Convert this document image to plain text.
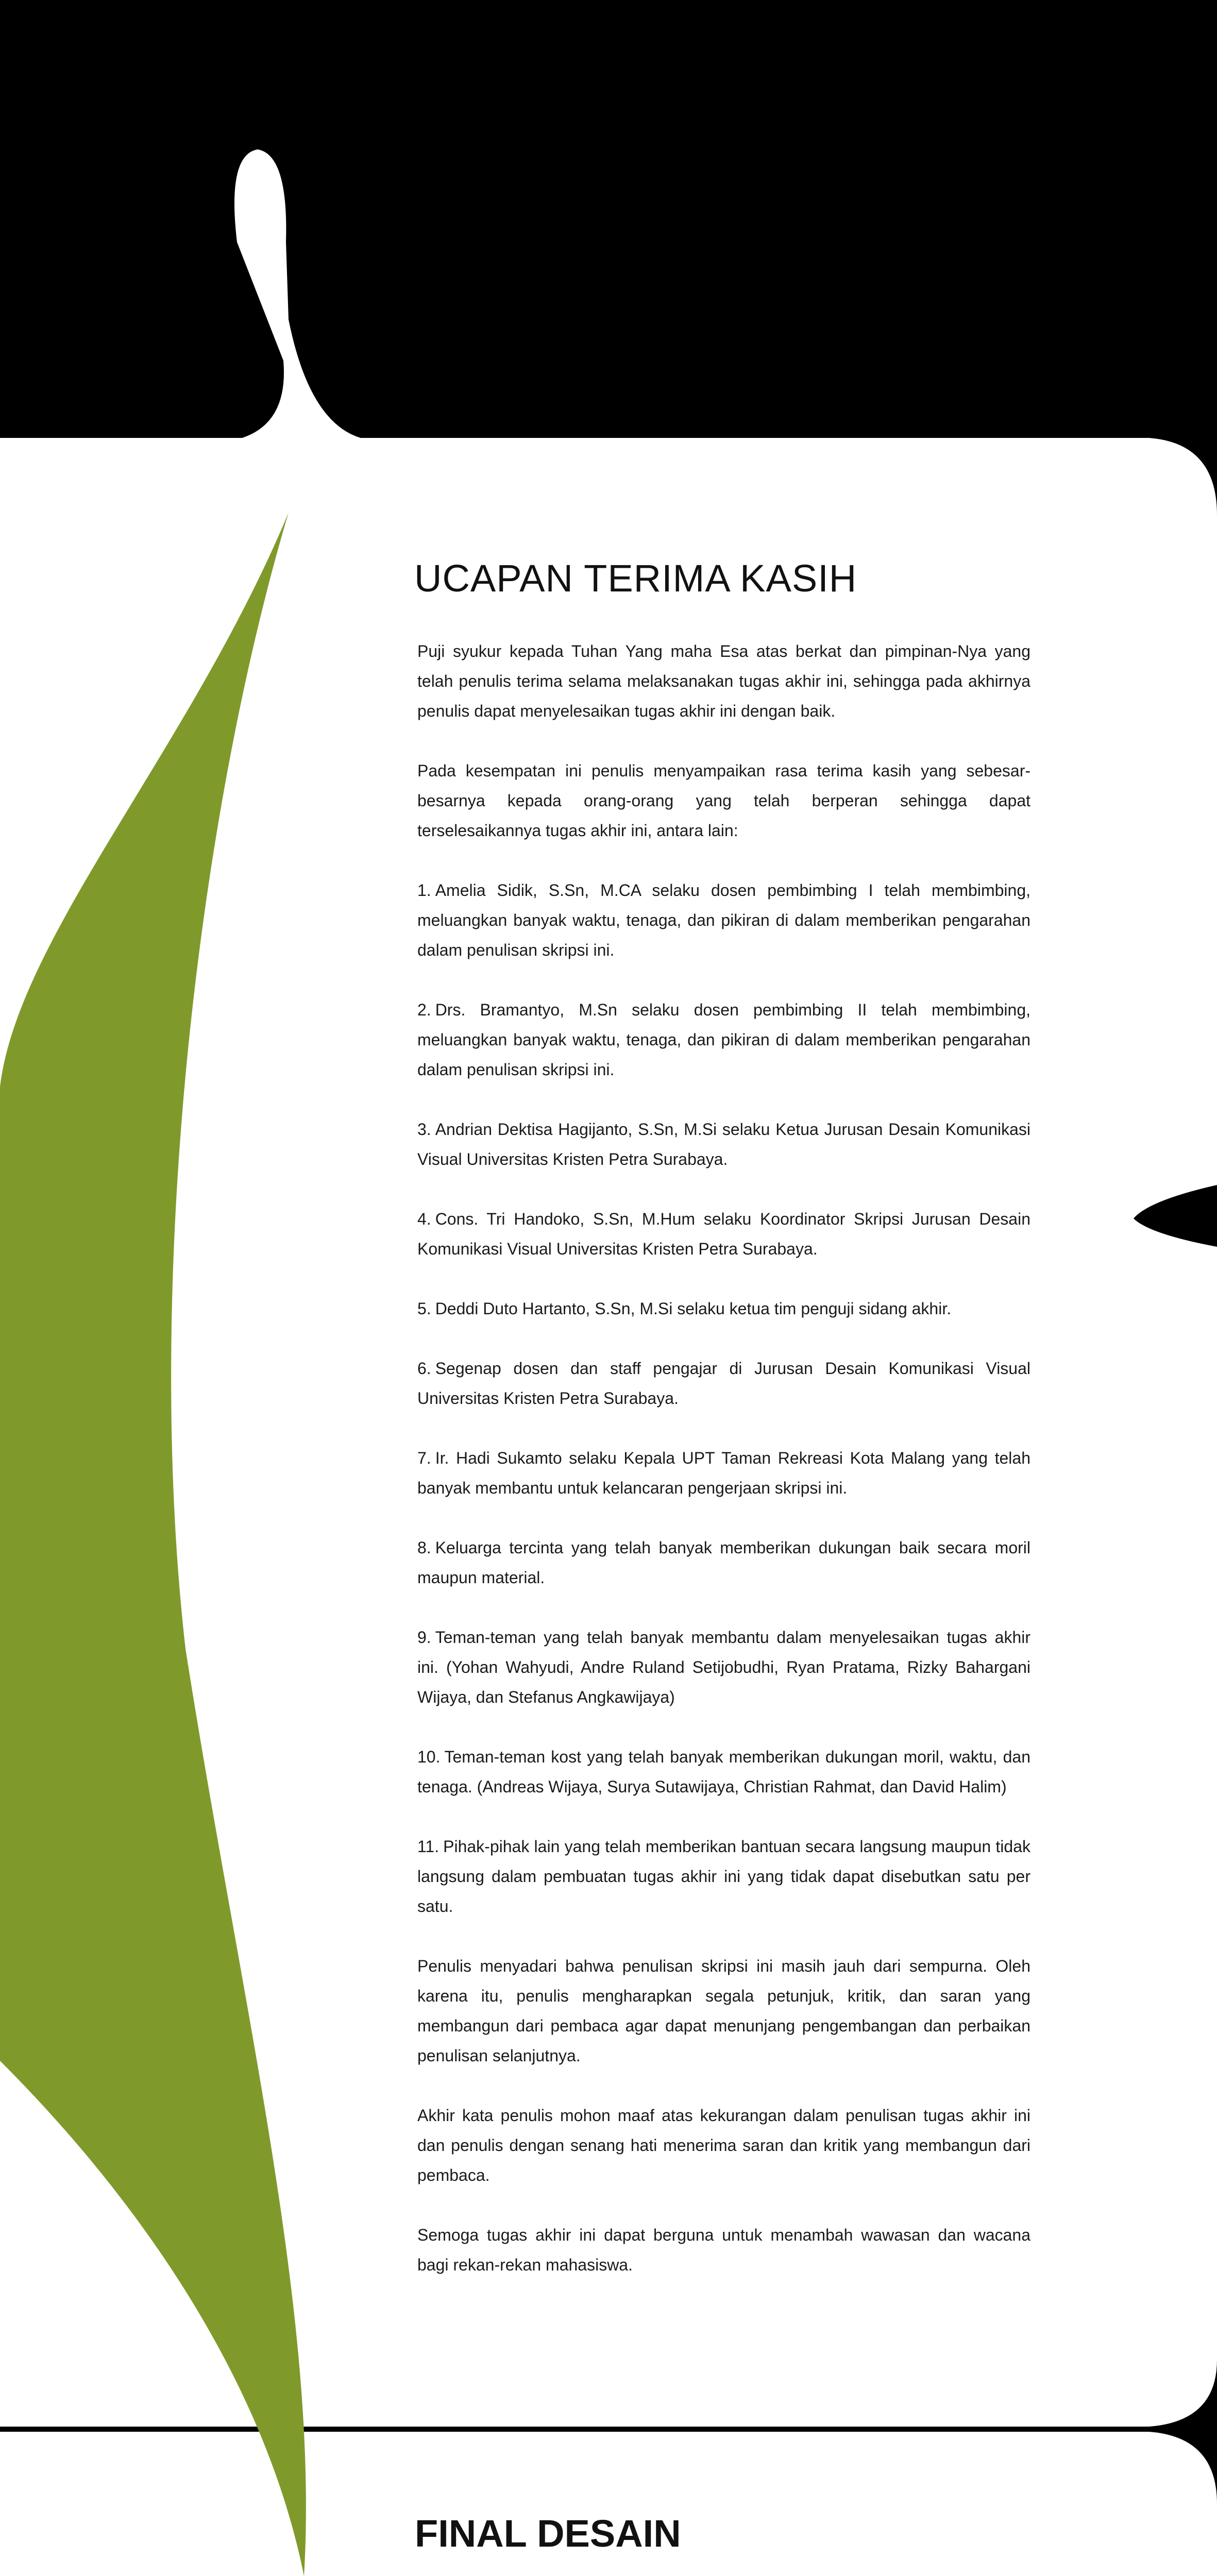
UCAPAN TERIMA KASIH

Puji syukur kepada Tuhan Yang maha Esa atas berkat dan pimpinan-Nya yang telah penulis terima selama melaksanakan tugas akhir ini, sehingga pada akhirnya penulis dapat menyelesaikan tugas akhir ini dengan baik.

Pada kesempatan ini penulis menyampaikan rasa terima kasih yang sebesar-besarnya kepada orang-orang yang telah berperan sehingga dapat terselesaikannya tugas akhir ini, antara lain:

1. Amelia Sidik, S.Sn, M.CA selaku dosen pembimbing I telah membimbing, meluangkan banyak waktu, tenaga, dan pikiran di dalam memberikan pengarahan dalam penulisan skripsi ini.

2. Drs. Bramantyo, M.Sn selaku dosen pembimbing II telah membimbing, meluangkan banyak waktu, tenaga, dan pikiran di dalam memberikan pengarahan dalam penulisan skripsi ini.

3. Andrian Dektisa Hagijanto, S.Sn, M.Si selaku Ketua Jurusan Desain Komunikasi Visual Universitas Kristen Petra Surabaya.

4. Cons. Tri Handoko, S.Sn, M.Hum selaku Koordinator Skripsi Jurusan Desain Komunikasi Visual Universitas Kristen Petra Surabaya.

5. Deddi Duto Hartanto, S.Sn, M.Si selaku ketua tim penguji sidang akhir.

6. Segenap dosen dan staff pengajar di Jurusan Desain Komunikasi Visual Universitas Kristen Petra Surabaya.

7. Ir. Hadi Sukamto selaku Kepala UPT Taman Rekreasi Kota Malang yang telah banyak membantu untuk kelancaran pengerjaan skripsi ini.

8. Keluarga tercinta yang telah banyak memberikan dukungan baik secara moril maupun material.

9. Teman-teman yang telah banyak membantu dalam menyelesaikan tugas akhir ini. (Yohan Wahyudi, Andre Ruland Setijobudhi, Ryan Pratama, Rizky Bahargani Wijaya, dan Stefanus Angkawijaya)

10. Teman-teman kost yang telah banyak memberikan dukungan moril, waktu, dan tenaga. (Andreas Wijaya, Surya Sutawijaya, Christian Rahmat, dan David Halim)

11. Pihak-pihak lain yang telah memberikan bantuan secara langsung maupun tidak langsung dalam pembuatan tugas akhir ini yang tidak dapat disebutkan satu per satu.

Penulis menyadari bahwa penulisan skripsi ini masih jauh dari sempurna. Oleh karena itu, penulis mengharapkan segala petunjuk, kritik, dan saran yang membangun dari pembaca agar dapat menunjang pengembangan dan perbaikan penulisan selanjutnya.

Akhir kata penulis mohon maaf atas kekurangan dalam penulisan tugas akhir ini dan penulis dengan senang hati menerima saran dan kritik yang membangun dari pembaca.

Semoga tugas akhir ini dapat berguna untuk menambah wawasan dan wacana bagi rekan-rekan mahasiswa.

FINAL DESAIN
